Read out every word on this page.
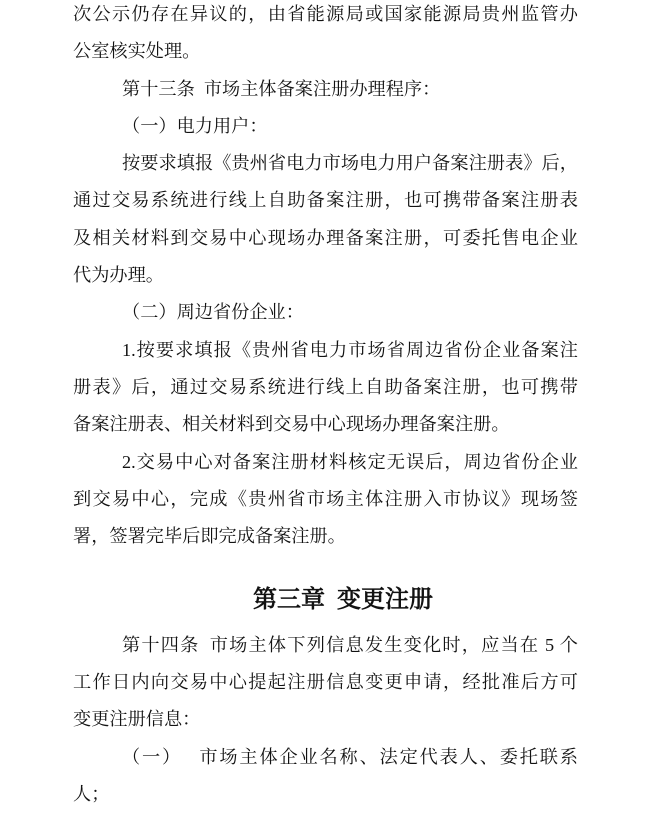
次公示仍存在异议的，由省能源局或国家能源局贵州监管办
公室核实处理。
第十三条 市场主体备案注册办理程序：
（一）电力用户：
按要求填报《贵州省电力市场电力用户备案注册表》后，
通过交易系统进行线上自助备案注册，也可携带备案注册表
及相关材料到交易中心现场办理备案注册，可委托售电企业
代为办理。
（二）周边省份企业：
1.按要求填报《贵州省电力市场省周边省份企业备案注
册表》后，通过交易系统进行线上自助备案注册，也可携带
备案注册表、相关材料到交易中心现场办理备案注册。
2.交易中心对备案注册材料核定无误后，周边省份企业
到交易中心，完成《贵州省市场主体注册入市协议》现场签
署，签署完毕后即完成备案注册。
第三章 变更注册
第十四条 市场主体下列信息发生变化时，应当在 5 个
工作日内向交易中心提起注册信息变更申请，经批准后方可
变更注册信息：
（一）　 市场主体企业名称、法定代表人、委托联系
人；
